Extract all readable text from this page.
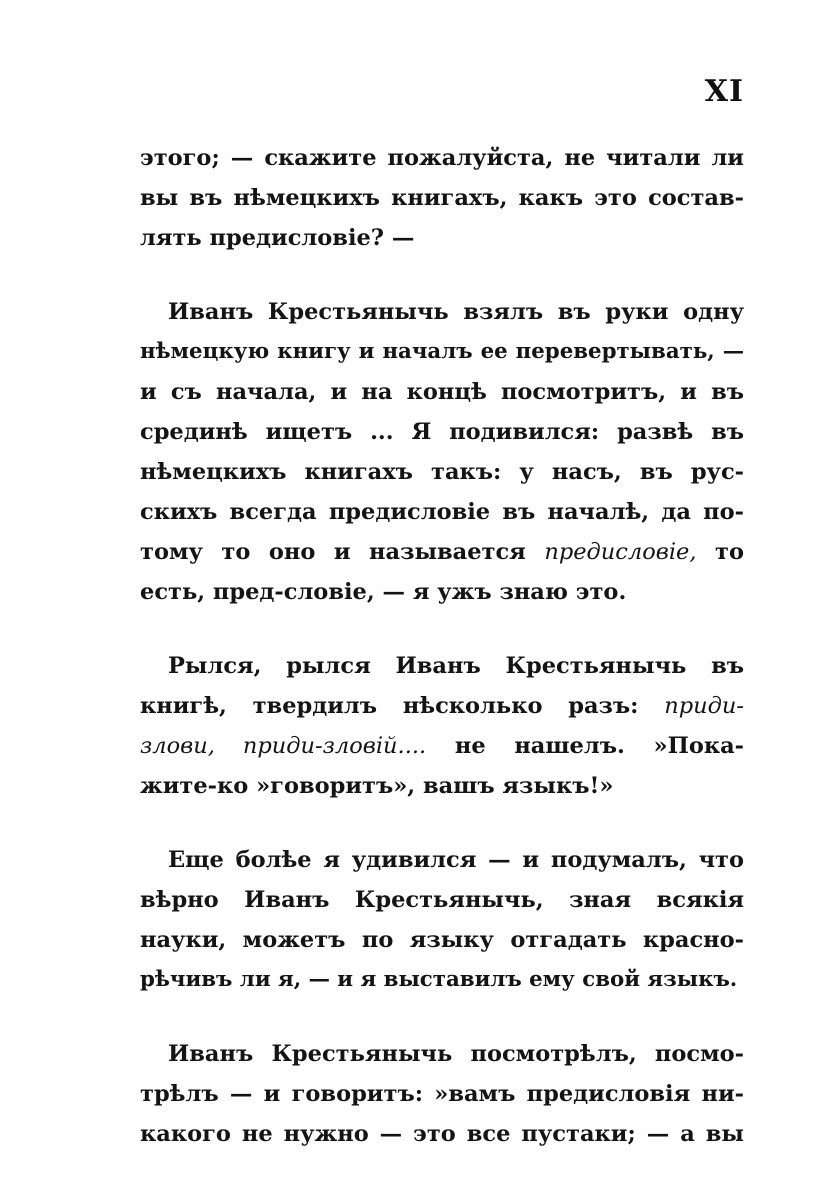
XI

этого; — скажите пожалуйста, не читали ли
вы въ нѣмецкихъ книгахъ, какъ это состав-
лять предисловіе? —

Иванъ Крестьянычь взялъ въ руки одну
нѣмецкую книгу и началъ ее перевертывать, —
и съ начала, и на концѣ посмотритъ, и въ
срединѣ ищетъ ... Я подивился: развѣ въ
нѣмецкихъ книгахъ такъ: у насъ, въ рус-
скихъ всегда предисловіе въ началѣ, да по-
тому то оно и называется предисловіе, то
есть, пред-словіе, — я ужъ знаю это.

Рылся, рылся Иванъ Крестьянычь въ
книгѣ, твердилъ нѣсколько разъ: приди-
злови, приди-зловій.... не нашелъ. »Пока-
жите-ко »говоритъ», вашъ языкъ!»

Еще болѣе я удивился — и подумалъ, что
вѣрно Иванъ Крестьянычь, зная всякія
науки, можетъ по языку отгадать красно-
рѣчивъ ли я, — и я выставилъ ему свой языкъ.

Иванъ Крестьянычь посмотрѣлъ, посмо-
трѣлъ — и говоритъ: »вамъ предисловія ни-
какого не нужно — это все пустаки; — а вы
